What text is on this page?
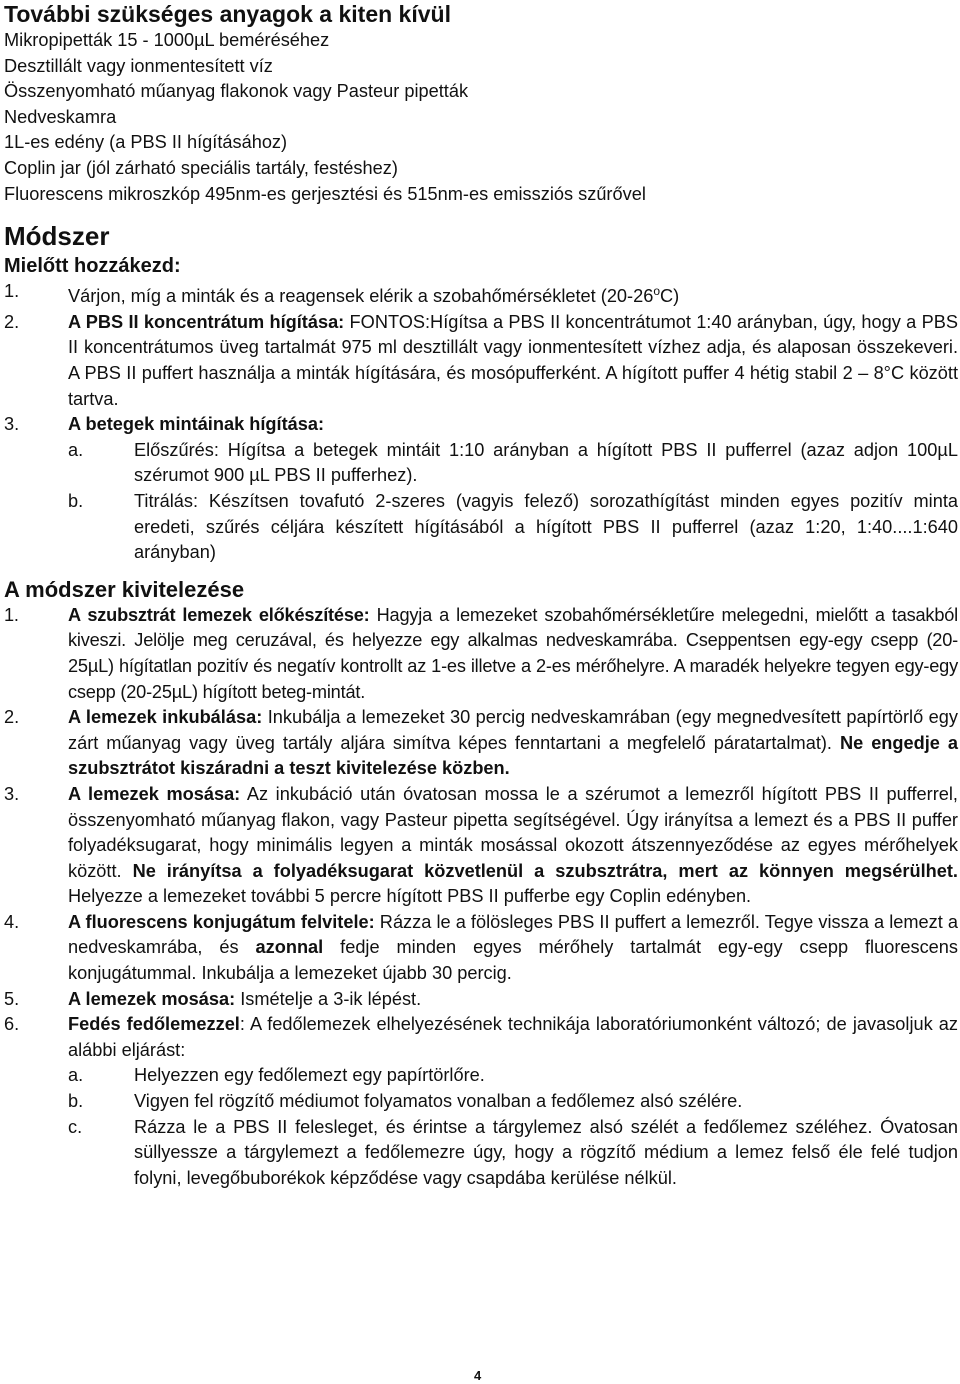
További szükséges anyagok a kiten kívül
Mikropipetták 15 - 1000µL beméréséhez
Desztillált vagy ionmentesített víz
Összenyomható műanyag flakonok vagy Pasteur pipetták
Nedveskamra
1L-es edény (a PBS II hígításához)
Coplin jar (jól zárható speciális tartály, festéshez)
Fluorescens mikroszkóp 495nm-es gerjesztési és 515nm-es emissziós szűrővel
Módszer
Mielőtt hozzákezd:
1.	Várjon, míg a minták és a reagensek elérik a szobahőmérsékletet (20-26$^o$C)
2.	A PBS II koncentrátum hígítása: FONTOS:Hígítsa a PBS II koncentrátumot 1:40 arányban, úgy, hogy a PBS II koncentrátumos üveg tartalmát 975 ml desztillált vagy ionmentesített vízhez adja, és alaposan összekeveri. A PBS II puffert használja a minták hígítására, és mosópufferként. A hígított puffer 4 hétig stabil 2 – 8°C között tartva.
3.	A betegek mintáinak hígítása:
a.	Előszűrés: Hígítsa a betegek mintáit 1:10 arányban a hígított PBS II pufferrel (azaz adjon 100µL szérumot 900 µL PBS II pufferhez).
b.	Titrálás: Készítsen tovafutó 2-szeres (vagyis felező) sorozathígítást minden egyes pozitív minta eredeti, szűrés céljára készített hígításából a hígított PBS II pufferrel (azaz 1:20, 1:40....1:640 arányban)
A módszer kivitelezése
1.	A szubsztrát lemezek előkészítése: Hagyja a lemezeket szobahőmérsékletűre melegedni, mielőtt a tasakból kiveszi. Jelölje meg ceruzával, és helyezze egy alkalmas nedveskamrába. Cseppentsen egy-egy csepp (20-25µL) hígítatlan pozitív és negatív kontrollt az 1-es illetve a 2-es mérőhelyre. A maradék helyekre tegyen egy-egy csepp (20-25µL) hígított beteg-mintát.
2.	A lemezek inkubálása: Inkubálja a lemezeket 30 percig nedveskamrában (egy megnedvesített papírtörlő egy zárt műanyag vagy üveg tartály aljára simítva képes fenntartani a megfelelő páratartalmat). Ne engedje a szubsztrátot kiszáradni a teszt kivitelezése közben.
3.	A lemezek mosása: Az inkubáció után óvatosan mossa le a szérumot a lemezről hígított PBS II pufferrel, összenyomható műanyag flakon, vagy Pasteur pipetta segítségével. Úgy irányítsa a lemezt és a PBS II puffer folyadéksugarat, hogy minimális legyen a minták mosással okozott átszennyeződése az egyes mérőhelyek között. Ne irányítsa a folyadéksugarat közvetlenül a szubsztrátra, mert az könnyen megsérülhet. Helyezze a lemezeket további 5 percre hígított PBS II pufferbe egy Coplin edényben.
4.	A fluorescens konjugátum felvitele: Rázza le a fölösleges PBS II puffert a lemezről. Tegye vissza a lemezt a nedveskamrába, és azonnal fedje minden egyes mérőhely tartalmát egy-egy csepp fluorescens konjugátummal. Inkubálja a lemezeket újabb 30 percig.
5.	A lemezek mosása: Ismételje a 3-ik lépést.
6.	Fedés fedőlemezzel: A fedőlemezek elhelyezésének technikája laboratóriumonként változó; de javasoljuk az alábbi eljárást:
a.	Helyezzen egy fedőlemezt egy papírtörlőre.
b.	Vigyen fel rögzítő médiumot folyamatos vonalban a fedőlemez alsó szélére.
c.	Rázza le a PBS II felesleget, és érintse a tárgylemez alsó szélét a fedőlemez széléhez. Óvatosan süllyessze a tárgylemezt a fedőlemezre úgy, hogy a rögzítő médium a lemez felső éle felé tudjon folyni, levegőbuborékok képződése vagy csapdába kerülése nélkül.
4
